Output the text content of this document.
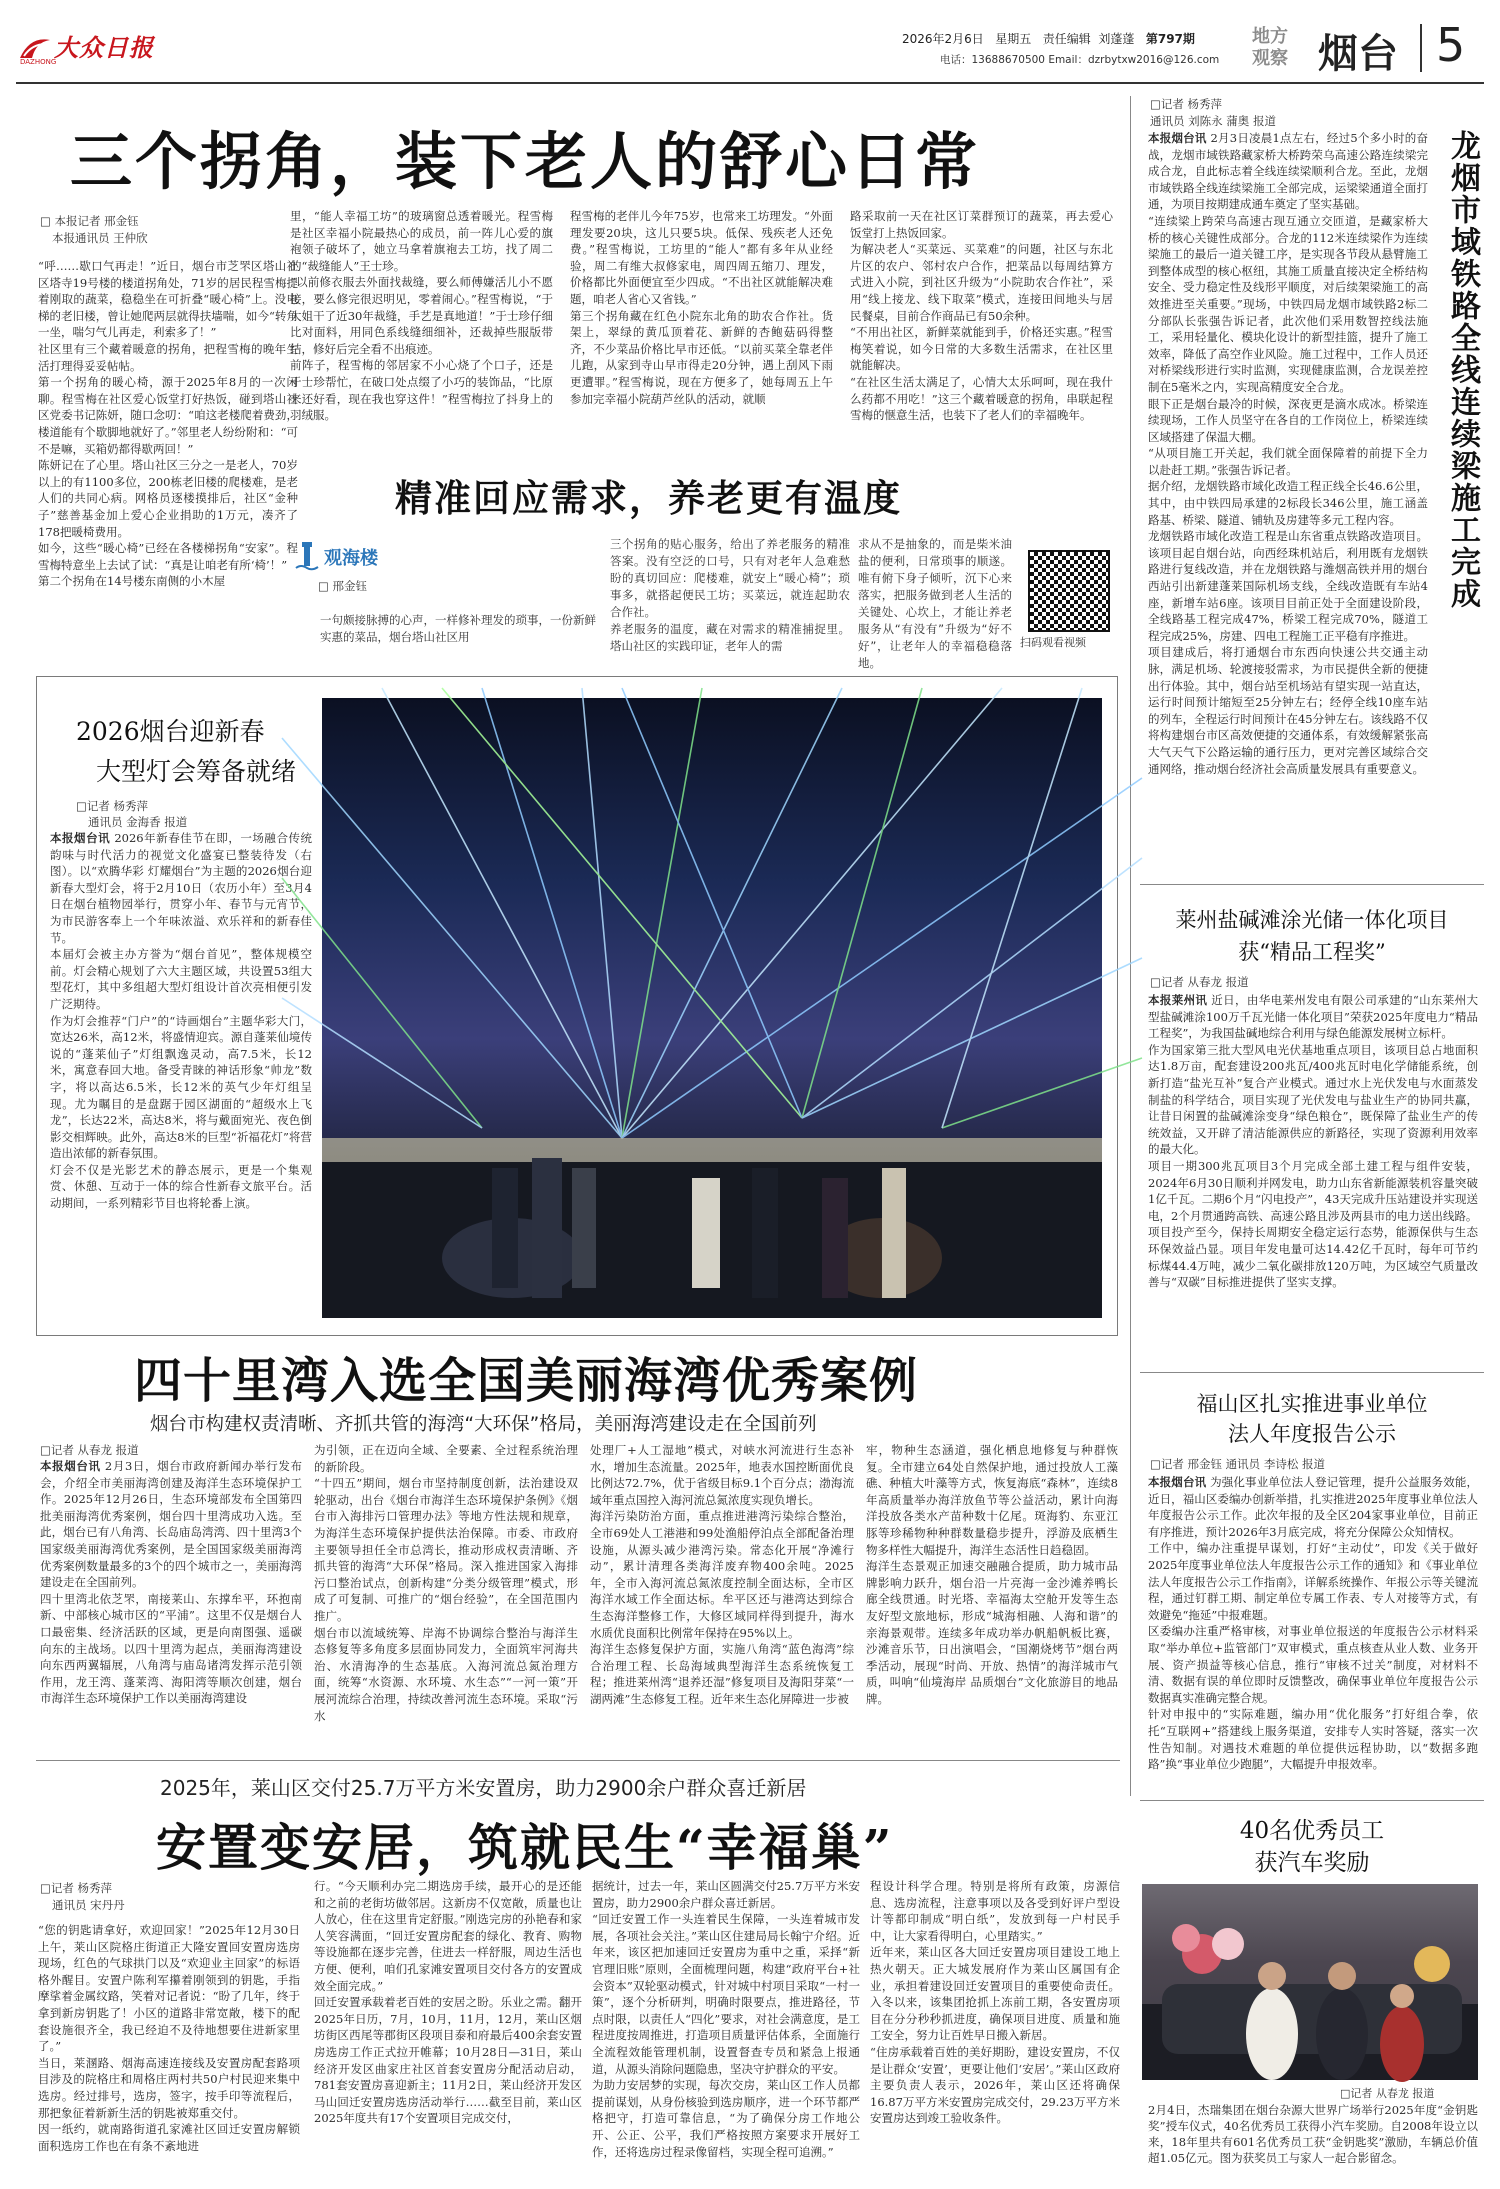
大众日报
DAZHONG
2026年2月6日 星期五 责任编辑 刘蓬蓬 第797期
电话：13688670500 Email：dzrbytxw2016@126.com
地方观察 烟台 5
三个拐角，装下老人的舒心日常
□ 本报记者 邢金钰
本报通讯员 王仲欣
“呼……歇口气再走！”近日，烟台市芝罘区塔山社区塔寺19号楼的楼道拐角处，71岁的居民程雪梅提着刚取的蔬菜，稳稳坐在可折叠“暖心椅”上。没电梯的老旧楼，曾让她爬两层就得扶墙喘，如今“转角一坐，喘匀气儿再走，利索多了！”
社区里有三个藏着暖意的拐角，把程雪梅的晚年生活打理得妥妥帖帖。
第一个拐角的暖心椅，源于2025年8月的一次闲聊。程雪梅在社区爱心饭堂打好热饭，碰到塔山社区党委书记陈妍，随口念叨：“咱这老楼爬着费劲，楼道能有个歇脚地就好了。”邻里老人纷纷附和：“可不是嘛，买箱奶都得歇两回！”
陈妍记在了心里。塔山社区三分之一是老人，70岁以上的有1100多位，200栋老旧楼的爬楼难，是老人们的共同心病。网格员逐楼摸排后，社区“金种子”慈善基金加上爱心企业捐助的1万元，凑齐了178把暖椅费用。
如今，这些“暖心椅”已经在各楼梯拐角“安家”。程雪梅特意坐上去试了试：“真是让咱老有所‘椅’！”
第二个拐角在14号楼东南侧的小木屋
里，“能人幸福工坊”的玻璃窗总透着暖光。程雪梅是社区幸福小院最热心的成员，前一阵儿心爱的旗袍领子破坏了，她立马拿着旗袍去工坊，找了周二的“裁缝能人”王士珍。
“以前修衣服去外面找裁缝，要么师傅嫌活儿小不愿接，要么修完很迟明见，零着闹心。”程雪梅说，“于大姐干了近30年裁缝，手艺是真地道！”于士珍仔细比对面料，用同色系线缝细细补，还裁掉些服版带结，修好后完全看不出痕迹。
前阵子，程雪梅的邻居家不小心烧了个口子，还是于士珍帮忙，在破口处点缀了小巧的装饰品，“比原来还好看，现在我也穿这件！”程雪梅拉了抖身上的羽绒服。
程雪梅的老伴儿今年75岁，也常来工坊理发。“外面理发要20块，这儿只要5块。低保、残疾老人还免费。”程雪梅说，工坊里的“能人”都有多年从业经验，周二有维大叔修家电，周四周五缩刀、理发，价格都比外面便宜至少四成。“不出社区就能解决难题，咱老人省心又省钱。”
第三个拐角藏在红色小院东北角的助农合作社。货架上，翠绿的黄瓜顶着花、新鲜的杏鲍菇码得整齐，不少菜品价格比早市还低。“以前买菜全靠老伴儿跑，从家到寺山早市得走20分钟，遇上刮风下雨更遭罪。”程雪梅说，现在方便多了，她每周五上午参加完幸福小院葫芦丝队的活动，就顺
路采取前一天在社区订菜群预订的蔬菜，再去爱心饭堂打上热饭回家。
为解决老人“买菜远、买菜难”的问题，社区与东北片区的农户、邻村农户合作，把菜品以每周结算方式进入小院，到社区升级为“小院助农合作社”，采用“线上接龙、线下取菜”模式，连接田间地头与居民餐桌，目前合作商品已有50余种。
“不用出社区，新鲜菜就能到手，价格还实惠。”程雪梅笑着说，如今日常的大多数生活需求，在社区里就能解决。
“在社区生活太满足了，心情大太乐呵呵，现在我什么药都不用吃！”这三个藏着暖意的拐角，串联起程雪梅的惬意生活，也装下了老人们的幸福晚年。
精准回应需求，养老更有温度
观海楼
□ 邢金钰
一句颇接脉搏的心声，一样修补理发的琐事，一份新鲜实惠的菜品，烟台塔山社区用
三个拐角的贴心服务，给出了养老服务的精准答案。没有空泛的口号，只有对老年人急难愁盼的真切回应：爬楼难，就安上“暖心椅”；琐事多，就搭起便民工坊；买菜远，就连起助农合作社。
养老服务的温度，藏在对需求的精准捕捉里。塔山社区的实践印证，老年人的需
求从不是抽象的，而是柴米油盐的便利，日常琐事的顺遂。唯有俯下身子倾听，沉下心来落实，把服务做到老人生活的关键处、心坎上，才能让养老服务从“有没有”升级为“好不好”，让老年人的幸福稳稳落地。
扫码观看视频
□记者 杨秀萍
通讯员 刘陈永 蒲奥 报道
龙烟市域铁路全线连续梁施工完成
本报烟台讯 2月3日凌晨1点左右，经过5个多小时的奋战，龙烟市域铁路藏家桥大桥跨荣乌高速公路连续梁完成合龙，自此标志着全线连续梁顺利合龙。至此，龙烟市域铁路全线连续梁施工全部完成，运梁梁通道全面打通，为项目按期建成通车奠定了坚实基础。
“连续梁上跨荣乌高速古现互通立交匝道，是藏家桥大桥的核心关键性成部分。合龙的112米连续梁作为连续梁施工的最后一道关键工序，是实现各节段从悬臂施工到整体成型的核心枢纽，其施工质量直接决定全桥结构安全、受力稳定性及线形平顺度，对后续架梁施工的高效推进至关重要。”现场，中铁四局龙烟市域铁路2标二分部队长张强告诉记者，此次他们采用数智控线法施工，采用轻量化、模块化设计的新型挂篮，提升了施工效率，降低了高空作业风险。施工过程中，工作人员还对桥梁线形进行实时监测，实现健康监测，合龙误差控制在5毫米之内，实现高精度安全合龙。
眼下正是烟台最冷的时候，深夜更是滴水成冰。桥梁连续现场，工作人员坚守在各自的工作岗位上，桥梁连续区域搭建了保温大棚。
“从项目施工开关起，我们就全面保障着的前提下全力以赴赶工期。”张强告诉记者。
据介绍，龙烟铁路市域化改造工程正线全长46.6公里，其中，由中铁四局承建的2标段长346公里，施工涵盖路基、桥梁、隧道、铺轨及房建等多元工程内容。
龙烟铁路市域化改造工程是山东省重点铁路改造项目。该项目起自烟台站，向西经珠机站后，利用既有龙烟铁路进行复线改造，并在龙烟铁路与潍烟高铁并用的烟台西站引出新建蓬莱国际机场支线，全线改造既有车站4座，新增车站6座。该项目目前正处于全面建设阶段，全线路基工程完成47%，桥梁工程完成70%，隧道工程完成25%，房建、四电工程施工正平稳有序推进。
项目建成后，将打通烟台市东西向快速公共交通主动脉，满足机场、轮渡接驳需求，为市民提供全新的便捷出行体验。其中，烟台站至机场站有望实现一站直达，运行时间预计缩短至25分钟左右；经停全线10座车站的列车，全程运行时间预计在45分钟左右。该线路不仅将构建烟台市区高效便捷的交通体系，有效缓解紧张高大气天气下公路运输的通行压力，更对完善区域综合交通网络，推动烟台经济社会高质量发展具有重要意义。
2026烟台迎新春
大型灯会筹备就绪
□记者 杨秀萍
通讯员 金海香 报道
本报烟台讯 2026年新春佳节在即，一场融合传统韵味与时代活力的视觉文化盛宴已整装待发（右图）。以“欢腾华彩 灯耀烟台”为主题的2026烟台迎新春大型灯会，将于2月10日（农历小年）至3月4日在烟台植物园举行，贯穿小年、春节与元宵节，为市民游客奉上一个年味浓溢、欢乐祥和的新春佳节。
本届灯会被主办方誉为“烟台首见”，整体规模空前。灯会精心规划了六大主题区域，共设置53组大型花灯，其中多组超大型灯组设计首次亮相便引发广泛期待。
作为灯会推荐“门户”的“诗画烟台”主题华彩大门，宽达26米，高12米，将盛情迎宾。源自蓬莱仙境传说的“蓬莱仙子”灯组飘逸灵动，高7.5米，长12米，寓意春回大地。备受青睐的神话形象“帅龙”数字，将以高达6.5米，长12米的英气少年灯组呈现。尤为瞩目的是盘踞于园区湖面的“超级水上飞龙”，长达22米，高达8米，将与戴面宛光、夜色倒影交相辉映。此外，高达8米的巨型“祈福花灯”将营造出浓郁的新春氛围。
灯会不仅是光影艺术的静态展示，更是一个集观赏、休憩、互动于一体的综合性新春文旅平台。活动期间，一系列精彩节目也将轮番上演。
莱州盐碱滩涂光储一体化项目
获“精品工程奖”
□记者 从春龙 报道
本报莱州讯 近日，由华电莱州发电有限公司承建的“山东莱州大型盐碱滩涂100万千瓦光储一体化项目”荣获2025年度电力“精品工程奖”，为我国盐碱地综合利用与绿色能源发展树立标杆。
作为国家第三批大型风电光伏基地重点项目，该项目总占地面积达1.8万亩，配套建设200兆瓦/400兆瓦时电化学储能系统，创新打造“盐光互补”复合产业模式。通过水上光伏发电与水面蒸发制盐的科学结合，项目实现了光伏发电与盐业生产的协同共赢，让昔日闲置的盐碱滩涂变身“绿色粮仓”，既保障了盐业生产的传统效益，又开辟了清洁能源供应的新路径，实现了资源利用效率的最大化。
项目一期300兆瓦项目3个月完成全部土建工程与组件安装，2024年6月30日顺利并网发电，助力山东省新能源装机容量突破1亿千瓦。二期6个月“闪电投产”，43天完成升压站建设并实现送电，2个月贯通跨高铁、高速公路且涉及两县市的电力送出线路。
项目投产至今，保持长周期安全稳定运行态势，能源保供与生态环保效益凸显。项目年发电量可达14.42亿千瓦时，每年可节约标煤44.4万吨，减少二氧化碳排放120万吨，为区域空气质量改善与“双碳”目标推进提供了坚实支撑。
福山区扎实推进事业单位
法人年度报告公示
□记者 邢金钰 通讯员 李诗松 报道
本报烟台讯 为强化事业单位法人登记管理，提升公益服务效能，近日，福山区委编办创新举措，扎实推进2025年度事业单位法人年度报告公示工作。此次年报的及全区204家事业单位，目前正有序推进，预计2026年3月底完成，将充分保障公众知情权。
工作中，编办注重提早谋划，打好“主动仗”，印发《关于做好2025年度事业单位法人年度报告公示工作的通知》和《事业单位法人年度报告公示工作指南》，详解系统操作、年报公示等关键流程，通过钉群工期、制定单位专属工作表、专人对接等方式，有效避免“拖延”中报难题。
区委编办注重严格审核，对事业单位报送的年度报告公示材料采取“举办单位+监管部门”双审模式，重点核查从业人数、业务开展、资产损益等核心信息，推行“审核不过关”制度，对材料不清、数据有误的单位即时反馈整改，确保事业单位年度报告公示数据真实准确完整合规。
针对申报中的“实际难题，编办用“优化服务”打好组合拳，依托“互联网+”搭建线上服务渠道，安排专人实时答疑，落实一次性告知制。对遇技术难题的单位提供远程协助，以“数据多跑路”换“事业单位少跑腿”，大幅提升申报效率。
四十里湾入选全国美丽海湾优秀案例
烟台市构建权责清晰、齐抓共管的海湾“大环保”格局，美丽海湾建设走在全国前列
□记者 从春龙 报道
本报烟台讯 2月3日，烟台市政府新闻办举行发布会，介绍全市美丽海湾创建及海洋生态环境保护工作。2025年12月26日，生态环境部发布全国第四批美丽海湾优秀案例，烟台四十里湾成功入选。至此，烟台已有八角湾、长岛庙岛湾湾、四十里湾3个国家级美丽海湾优秀案例，是全国国家级美丽海湾优秀案例数量最多的3个的四个城市之一，美丽海湾建设走在全国前列。
四十里湾北依芝罘，南接莱山、东撑牟平，环抱南新、中部核心城市区的“平浦”。这里不仅是烟台人口最密集、经济活跃的区域，更是向南图强、遥碳向东的主战场。以四十里湾为起点，美丽海湾建设向东西两翼辐展，八角湾与庙岛诸湾发挥示范引领作用，龙王湾、蓬莱湾、海阳湾等顺次创建，烟台市海洋生态环境保护工作以美丽海湾建设
为引领，正在迈向全域、全要素、全过程系统治理的新阶段。
“十四五”期间，烟台市坚持制度创新，法治建设双轮驱动，出台《烟台市海洋生态环境保护条例》《烟台市入海排污口管理办法》等地方性法规和规章，为海洋生态环境保护提供法治保障。市委、市政府主要领导担任全市总湾长，推动形成权责清晰、齐抓共管的海湾“大环保”格局。深入推进国家入海排污口整治试点，创新构建“分类分级管理”模式，形成了可复制、可推广的“烟台经验”，在全国范围内推广。
烟台市以流域统筹、岸海不协调综合整治与海洋生态修复等多角度多层面协同发力，全面筑牢河海共治、水清海净的生态基底。入海河流总氮治理方面，统筹“水资源、水环境、水生态”“一河一策”开展河流综合治理，持续改善河流生态环境。采取“污水
处理厂+人工湿地”模式，对峡水河流进行生态补水，增加生态流量。2025年，地表水国控断面优良比例达72.7%，优于省级目标9.1个百分点；渤海流域年重点国控入海河流总氮浓度实现负增长。
海洋污染防治方面，重点推进港湾污染综合整治，全市69处人工港港和99处渔船停泊点全部配备治理设施，从源头减少港湾污染。常态化开展“净滩行动”，累计清理各类海洋废弃物400余吨。2025年，全市入海河流总氮浓度控制全面达标，全市区海洋水域工作全面达标。牟平区还与港湾达到综合生态海洋整修工作，大修区域同样得到提升，海水水质优良面积比例常年保持在95%以上。
海洋生态修复保护方面，实施八角湾“蓝色海湾”综合治理工程、长岛海域典型海洋生态系统恢复工程；推进莱州湾“退养还湿”修复项目及海阳芽菜“一湖两滩”生态修复工程。近年来生态化屏障进一步被
牢，物种生态涵道，强化栖息地修复与种群恢复。全市建立64处自然保护地，通过投放人工藻礁、种植大叶藻等方式，恢复海底“森林”，连续8年高质量举办海洋放鱼节等公益活动，累计向海洋投放各类水产苗种数十亿尾。斑海豹、东亚江豚等珍稀物种种群数量稳步提升，浮游及底栖生物多样性大幅提升，海洋生态活性日趋稳固。
海洋生态景观正加速交融融合提质，助力城市品牌影响力跃升，烟台沿一片亮海一金沙滩养鸭长廊全线贯通。时光塔、幸福海太空舱开发等生态友好型文旅地标，形成“城海相融、人海和谐”的亲海景观带。连续多年成功举办帆船帆板比赛，沙滩音乐节，日出演唱会，“国潮烧烤节”烟台两季活动，展现“时尚、开放、热情”的海洋城市气质，叫响“仙境海岸 品质烟台”文化旅游目的地品牌。
2025年，莱山区交付25.7万平方米安置房，助力2900余户群众喜迁新居
安置变安居，筑就民生“幸福巢”
□记者 杨秀萍
通讯员 宋丹丹
“您的钥匙请拿好，欢迎回家！”2025年12月30日上午，莱山区院格庄街道正大隆安置回安置房选房现场，红色的气球拱门以及“欢迎业主回家”的标语格外醒目。安置户陈利军攥着刚领到的钥匙，手指摩挲着金属纹路，笑着对记者说：“盼了几年，终于拿到新房钥匙了！小区的道路非常宽敞，楼下的配套设施很齐全，我已经迫不及待地想要住进新家里了。”
当日，莱溷路、烟海高速连接线及安置房配套路项目涉及的院格庄和周格庄两村共50户村民迎来集中选房。经过排号，选房，签字，按手印等流程后，那把象征着新新生活的钥匙被郑重交付。
因一纸约，就南路街道孔家滩社区回迁安置房解锁面积选房工作也在有条不紊地进
行。“今天顺利办完二期选房手续，最开心的是还能和之前的老街坊做邻居。这新房不仅宽敞，质量也让人放心，住在这里肯定舒服。”刚选完房的孙艳春和家人笑容满面，“回迁安置房配套的绿化、教育、购物等设施都在逐步完善，住进去一样舒服，周边生活也方便、便利，咱们孔家滩安置项目交付各方的安置成效全面完成。”
回迁安置承载着老百姓的安居之盼。乐业之需。翻开2025年日历，7月，10月，11月，12月，莱山区烟坊街区西尾等郡街区段项目泰和府最后400余套安置房选房工作正式拉开帷幕；10月28日—31日，莱山经济开发区曲家庄社区首套安置房分配活动启动，781套安置房喜迎新主；11月2日，莱山经济开发区马山回迁安置房选房活动举行……截至目前，莱山区2025年度共有17个安置项目完成交付，
据统计，过去一年，莱山区圆满交付25.7万平方米安置房，助力2900余户群众喜迁新居。
“回迁安置工作一头连着民生保障，一头连着城市发展，各项社会关注。”莱山区住建局局长翰宁介绍。近年来，该区把加速回迁安置房为重中之重，采择“新官理旧账”原则，全面梳理问题，构建“政府平台+社会资本”双轮驱动模式，针对城中村项目采取“一村一策”，逐个分析研判，明确时限要点，推进路径，节点时限，以责任人“四化”要求，对社会满意度，是工程进度按周推进，打造项目质量评估体系，全面施行全流程效能管理机制，设置督查专员和紧急上报通道，从源头消除问题隐患，坚决守护群众的平安。
为助力安居梦的实现，每次交房，莱山区工作人员都提前谋划，从身份核验到选房顺序，进一个环节都严格把守，打造可靠信息，“为了确保分房工作地公开、公正、公平，我们严格按照方案要求开展好工作，还将选房过程录像留档，实现全程可追溯。”
程设计科学合理。特别是将所有政策，房源信息、选房流程，注意事项以及各受到好评户型设计等都印制成“明白纸”，发放到每一户村民手中，让大家看得明白，心里踏实。”
近年来，莱山区各大回迁安置房项目建设工地上热火朝天。正大城发展府作为莱山区属国有企业，承担着建设回迁安置项目的重要使命责任。入冬以来，该集团抢抓上冻前工期，各安置房项目在分分秒秒抓进度，确保项目进度、质量和施工安全，努力让百姓早日搬入新居。
“住房承载着百姓的美好期盼，建设安置房，不仅是让群众‘安置’，更要让他们‘安居’。”莱山区政府主要负责人表示，2026年，莱山区还将确保16.87万平方米安置房完成交付，29.23万平方米安置房达到竣工验收条件。
40名优秀员工
获汽车奖励
□记者 从春龙 报道
2月4日，杰瑞集团在烟台杂源大世界广场举行2025年度“金钥匙奖”授车仪式，40名优秀员工获得小汽车奖励。自2008年设立以来，18年里共有601名优秀员工获“金钥匙奖”激励，车辆总价值超1.05亿元。图为获奖员工与家人一起合影留念。
